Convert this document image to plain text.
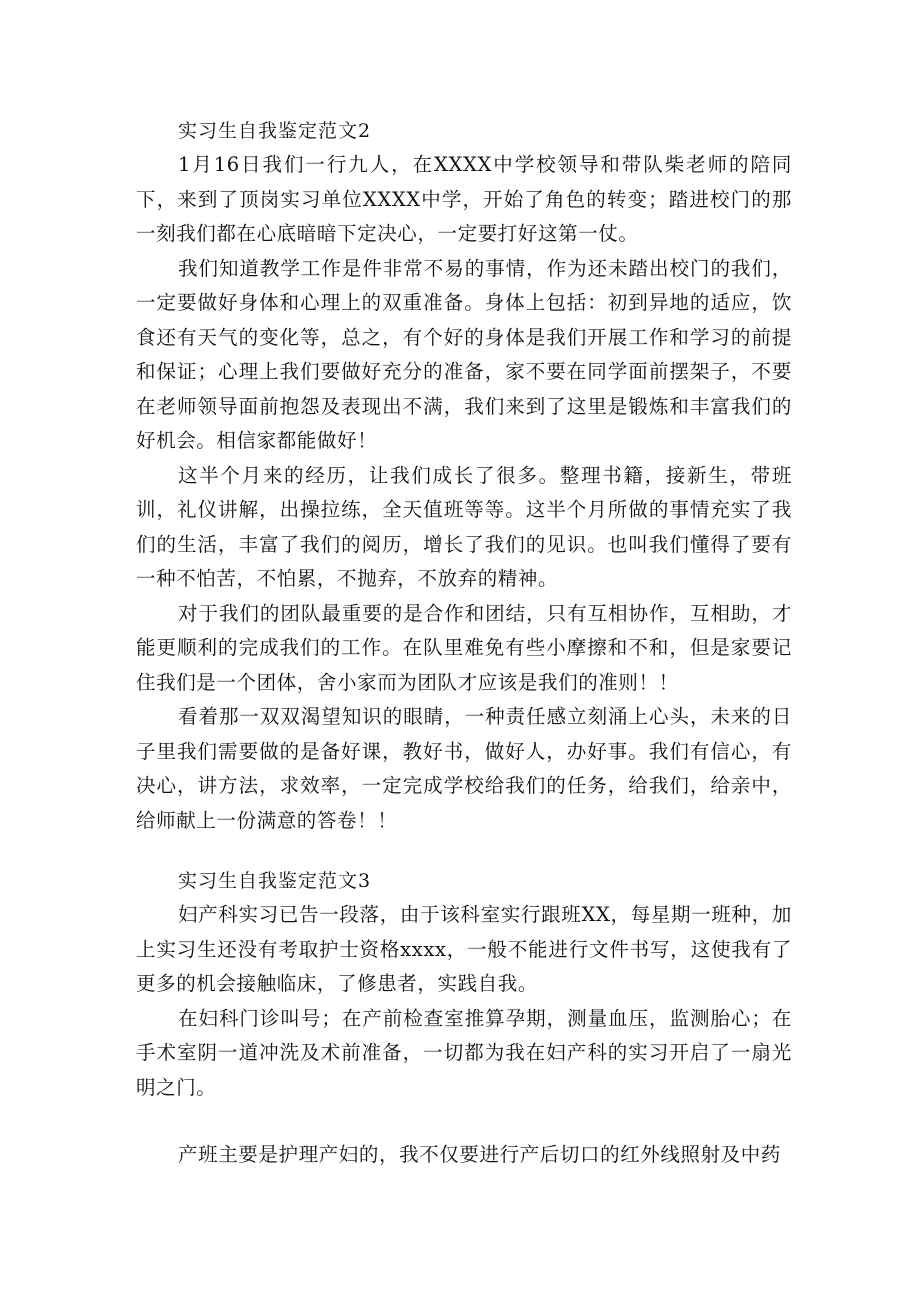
实习生自我鉴定范文2

1月16日我们一行九人，在XXXX中学校领导和带队柴老师的陪同下，来到了顶岗实习单位XXXX中学，开始了角色的转变；踏进校门的那一刻我们都在心底暗暗下定决心，一定要打好这第一仗。

我们知道教学工作是件非常不易的事情，作为还未踏出校门的我们，一定要做好身体和心理上的双重准备。身体上包括：初到异地的适应，饮食还有天气的变化等，总之，有个好的身体是我们开展工作和学习的前提和保证；心理上我们要做好充分的准备，家不要在同学面前摆架子，不要在老师领导面前抱怨及表现出不满，我们来到了这里是锻炼和丰富我们的好机会。相信家都能做好！

这半个月来的经历，让我们成长了很多。整理书籍，接新生，带班训，礼仪讲解，出操拉练，全天值班等等。这半个月所做的事情充实了我们的生活，丰富了我们的阅历，增长了我们的见识。也叫我们懂得了要有一种不怕苦，不怕累，不抛弃，不放弃的精神。

对于我们的团队最重要的是合作和团结，只有互相协作，互相助，才能更顺利的完成我们的工作。在队里难免有些小摩擦和不和，但是家要记住我们是一个团体，舍小家而为团队才应该是我们的准则！！

看着那一双双渴望知识的眼睛，一种责任感立刻涌上心头，未来的日子里我们需要做的是备好课，教好书，做好人，办好事。我们有信心，有决心，讲方法，求效率，一定完成学校给我们的任务，给我们，给亲中，给师献上一份满意的答卷！！

实习生自我鉴定范文3

妇产科实习已告一段落，由于该科室实行跟班XX，每星期一班种，加上实习生还没有考取护士资格xxxx，一般不能进行文件书写，这使我有了更多的机会接触临床，了修患者，实践自我。

在妇科门诊叫号；在产前检查室推算孕期，测量血压，监测胎心；在手术室阴一道冲洗及术前准备，一切都为我在妇产科的实习开启了一扇光明之门。

产班主要是护理产妇的，我不仅要进行产后切口的红外线照射及中药
